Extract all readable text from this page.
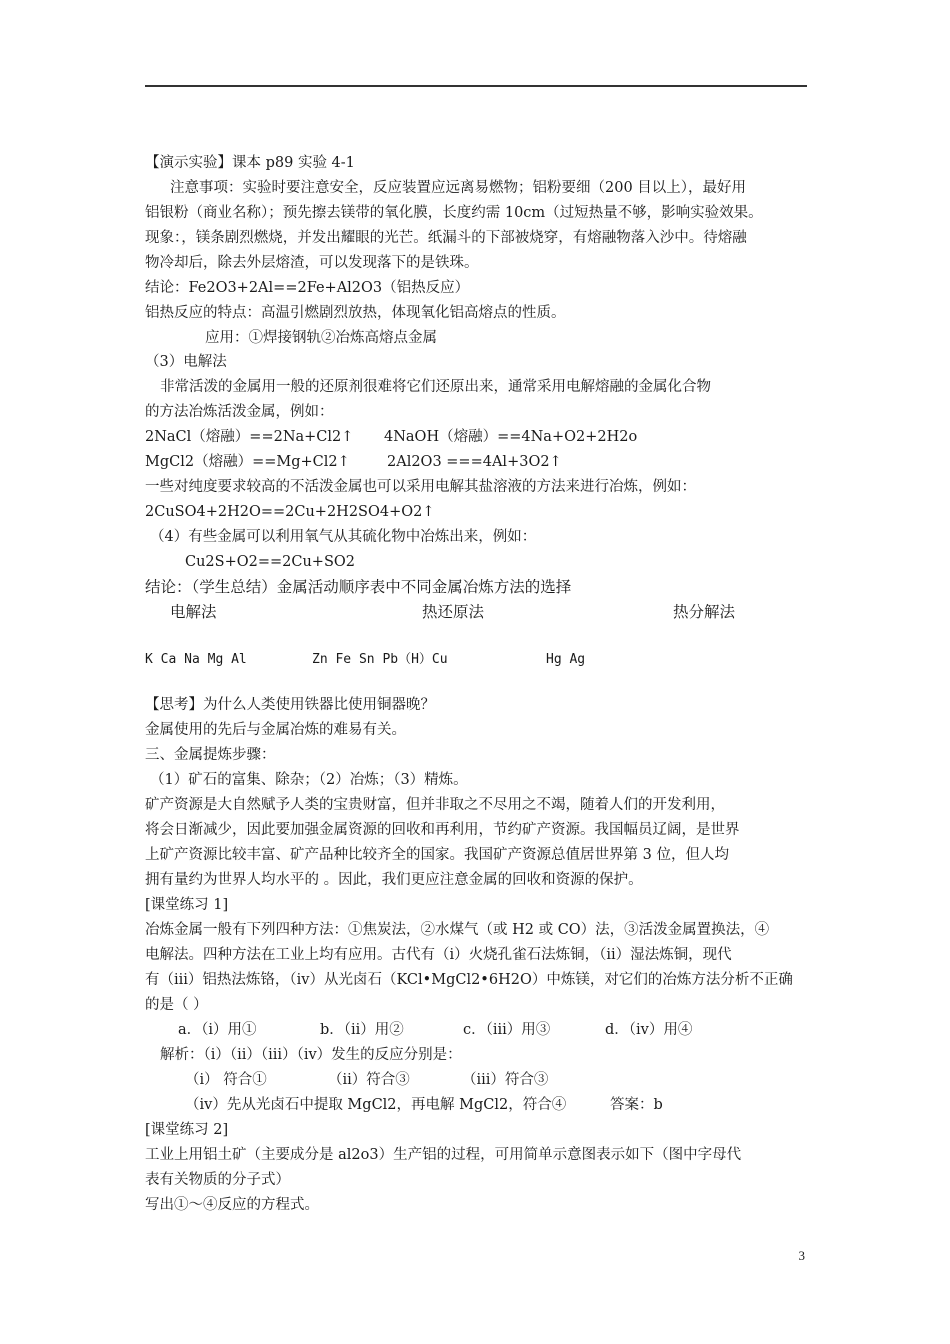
【演示实验】课本 p89 实验 4-1
注意事项：实验时要注意安全，反应装置应远离易燃物；铝粉要细（200 目以上），最好用
铝银粉（商业名称）；预先擦去镁带的氧化膜，长度约需 10cm（过短热量不够，影响实验效果。
现象：，镁条剧烈燃烧，并发出耀眼的光芒。纸漏斗的下部被烧穿，有熔融物落入沙中。待熔融
物冷却后，除去外层熔渣，可以发现落下的是铁珠。
结论：Fe2O3+2Al==2Fe+Al2O3（铝热反应）
铝热反应的特点：高温引燃剧烈放热，体现氧化铝高熔点的性质。
应用：①焊接钢轨②冶炼高熔点金属
（3）电解法
非常活泼的金属用一般的还原剂很难将它们还原出来，通常采用电解熔融的金属化合物
的方法冶炼活泼金属，例如：
2NaCl（熔融）==2Na+Cl2↑ 4NaOH（熔融）==4Na+O2+2H2o
MgCl2（熔融）==Mg+Cl2↑	2Al2O3 ===4Al+3O2↑
一些对纯度要求较高的不活泼金属也可以采用电解其盐溶液的方法来进行冶炼，例如：
2CuSO4+2H2O==2Cu+2H2SO4+O2↑
（4）有些金属可以利用氧气从其硫化物中冶炼出来，例如：
Cu2S+O2==2Cu+SO2
结论：（学生总结）金属活动顺序表中不同金属冶炼方法的选择
电解法	热还原法	热分解法
K Ca Na Mg Al	Zn Fe Sn Pb（H）Cu	Hg Ag
【思考】为什么人类使用铁器比使用铜器晚？
金属使用的先后与金属冶炼的难易有关。
三、金属提炼步骤：
（1）矿石的富集、除杂；（2）冶炼；（3）精炼。
矿产资源是大自然赋予人类的宝贵财富，但并非取之不尽用之不竭，随着人们的开发利用，
将会日渐减少，因此要加强金属资源的回收和再利用，节约矿产资源。我国幅员辽阔，是世界
上矿产资源比较丰富、矿产品种比较齐全的国家。我国矿产资源总值居世界第 3 位，但人均
拥有量约为世界人均水平的 。因此，我们更应注意金属的回收和资源的保护。
[课堂练习 1]
冶炼金属一般有下列四种方法：①焦炭法，②水煤气（或 H2 或 CO）法，③活泼金属置换法，④
电解法。四种方法在工业上均有应用。古代有（ⅰ）火烧孔雀石法炼铜，（ⅱ）湿法炼铜，现代
有（ⅲ）铝热法炼铬，（ⅳ）从光卤石（KCl•MgCl2•6H2O）中炼镁，对它们的冶炼方法分析不正确
的是（ ）
a．（ⅰ）用①	b．（ⅱ）用②	c．（ⅲ）用③	d．（ⅳ）用④
解析：（ⅰ）（ⅱ）（ⅲ）（ⅳ）发生的反应分别是：
（ⅰ） 符合①	（ⅱ）符合③	（ⅲ）符合③
（ⅳ）先从光卤石中提取 MgCl2，再电解 MgCl2，符合④	答案：b
[课堂练习 2]
工业上用铝土矿（主要成分是 al2o3）生产铝的过程，可用简单示意图表示如下（图中字母代
表有关物质的分子式）
写出①～④反应的方程式。
3
